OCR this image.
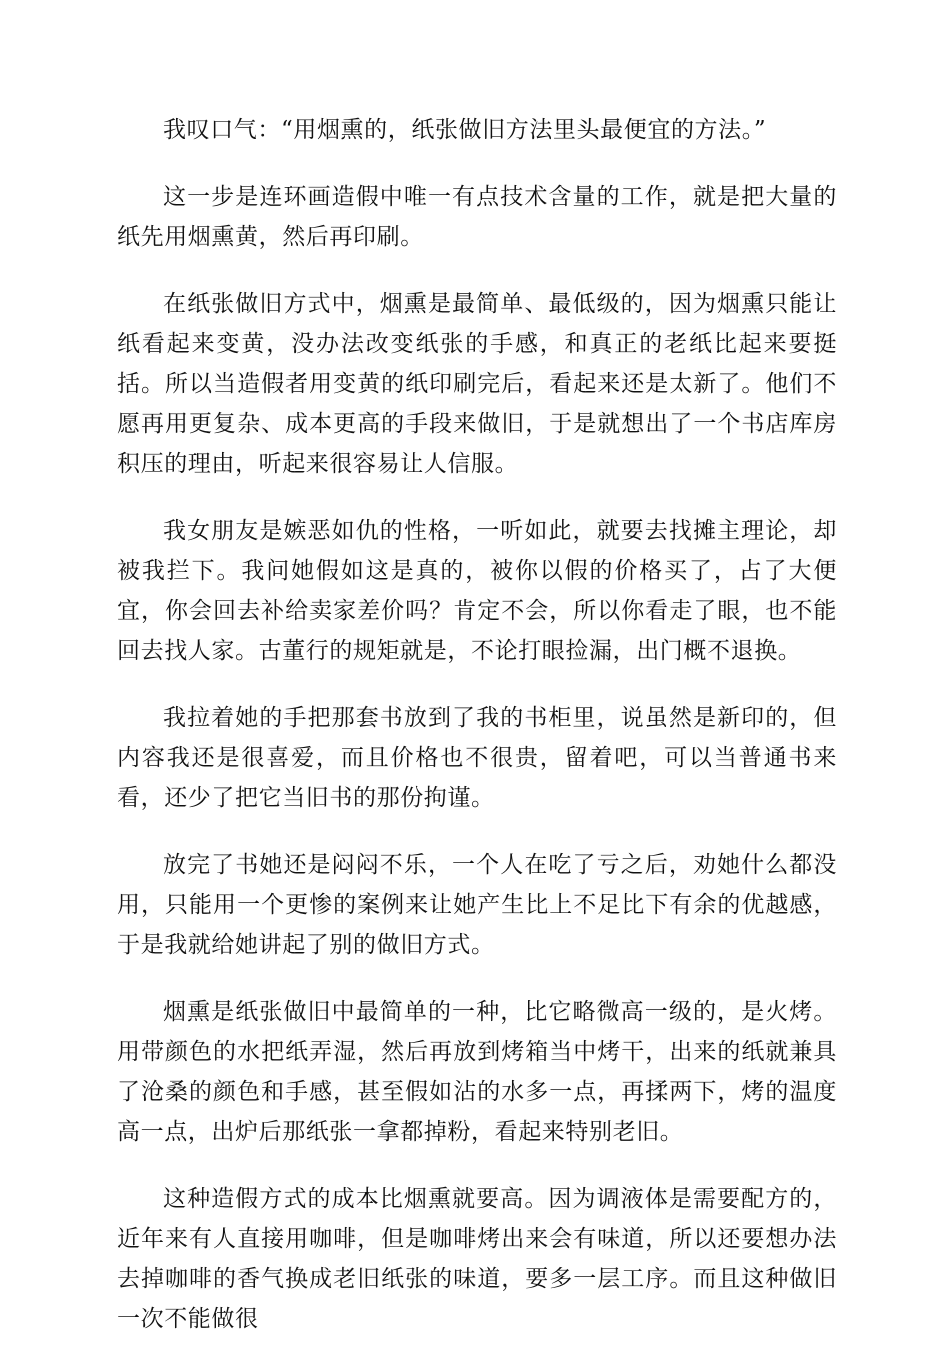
我叹口气：“用烟熏的，纸张做旧方法里头最便宜的方法。”

这一步是连环画造假中唯一有点技术含量的工作，就是把大量的纸先用烟熏黄，然后再印刷。

在纸张做旧方式中，烟熏是最简单、最低级的，因为烟熏只能让纸看起来变黄，没办法改变纸张的手感，和真正的老纸比起来要挺括。所以当造假者用变黄的纸印刷完后，看起来还是太新了。他们不愿再用更复杂、成本更高的手段来做旧，于是就想出了一个书店库房积压的理由，听起来很容易让人信服。

我女朋友是嫉恶如仇的性格，一听如此，就要去找摊主理论，却被我拦下。我问她假如这是真的，被你以假的价格买了，占了大便宜，你会回去补给卖家差价吗？肯定不会，所以你看走了眼，也不能回去找人家。古董行的规矩就是，不论打眼捡漏，出门概不退换。

我拉着她的手把那套书放到了我的书柜里，说虽然是新印的，但内容我还是很喜爱，而且价格也不很贵，留着吧，可以当普通书来看，还少了把它当旧书的那份拘谨。

放完了书她还是闷闷不乐，一个人在吃了亏之后，劝她什么都没用，只能用一个更惨的案例来让她产生比上不足比下有余的优越感，于是我就给她讲起了别的做旧方式。

烟熏是纸张做旧中最简单的一种，比它略微高一级的，是火烤。用带颜色的水把纸弄湿，然后再放到烤箱当中烤干，出来的纸就兼具了沧桑的颜色和手感，甚至假如沾的水多一点，再揉两下，烤的温度高一点，出炉后那纸张一拿都掉粉，看起来特别老旧。

这种造假方式的成本比烟熏就要高。因为调液体是需要配方的，近年来有人直接用咖啡，但是咖啡烤出来会有味道，所以还要想办法去掉咖啡的香气换成老旧纸张的味道，要多一层工序。而且这种做旧一次不能做很
